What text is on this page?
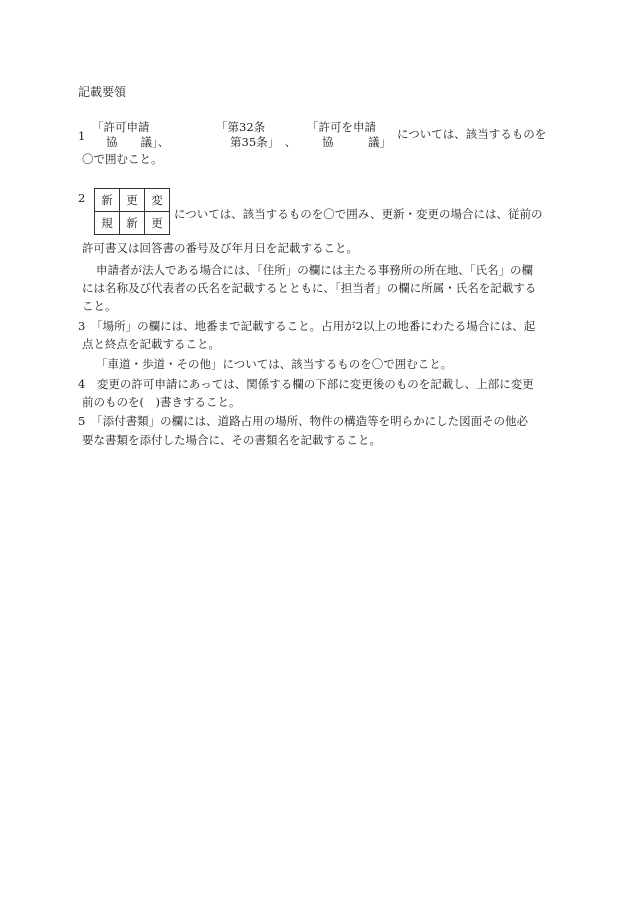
記載要領
1
「許可申請
協　　議」、
「第32条
第35条」　、
「許可を申請
協　　　議」
については、該当するものを
〇で囲むこと。
2 新	更	変
規	新	更
については、該当するものを〇で囲み、更新・変更の場合には、従前の
許可書又は回答書の番号及び年月日を記載すること。
申請者が法人である場合には、「住所」の欄には主たる事務所の所在地、「氏名」の欄
には名称及び代表者の氏名を記載するとともに、「担当者」の欄に所属・氏名を記載する
こと。
3　「場所」の欄には、地番まで記載すること。占用が2以上の地番にわたる場合には、起
点と終点を記載すること。
「車道・歩道・その他」については、該当するものを〇で囲むこと。
4　変更の許可申請にあっては、関係する欄の下部に変更後のものを記載し、上部に変更
前のものを(　)書きすること。
5　「添付書類」の欄には、道路占用の場所、物件の構造等を明らかにした図面その他必
要な書類を添付した場合に、その書類名を記載すること。
